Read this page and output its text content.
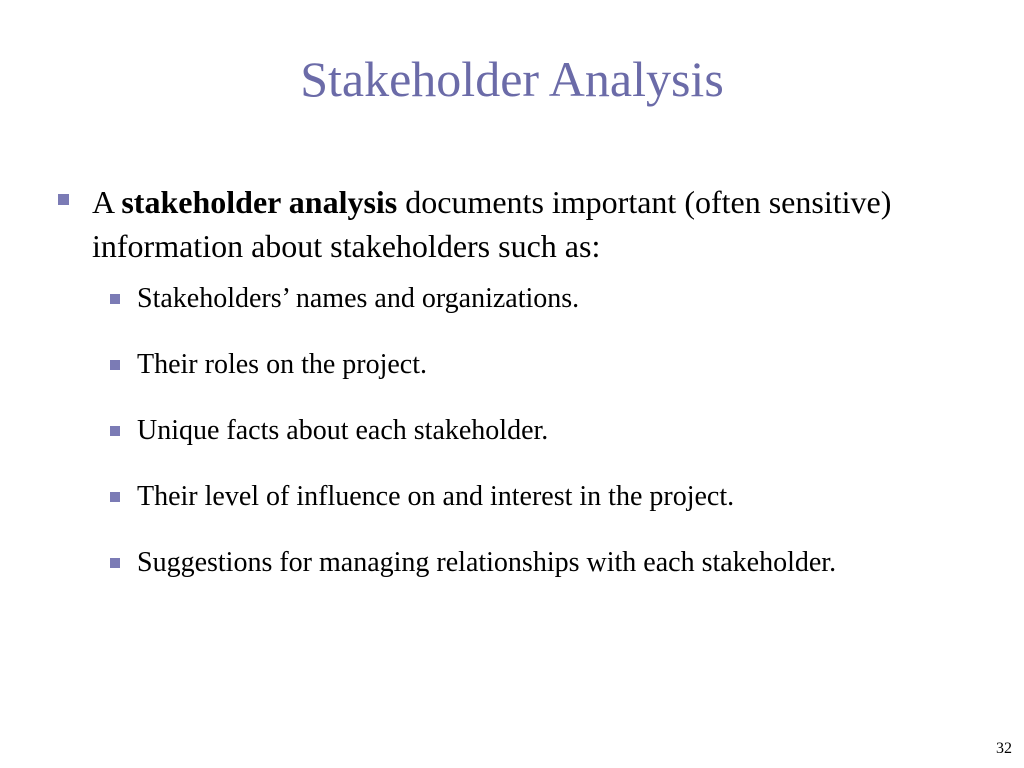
Stakeholder Analysis
A stakeholder analysis documents important (often sensitive) information about stakeholders such as:
Stakeholders’ names and organizations.
Their roles on the project.
Unique facts about each stakeholder.
Their level of influence on and interest in the project.
Suggestions for managing relationships with each stakeholder.
32
